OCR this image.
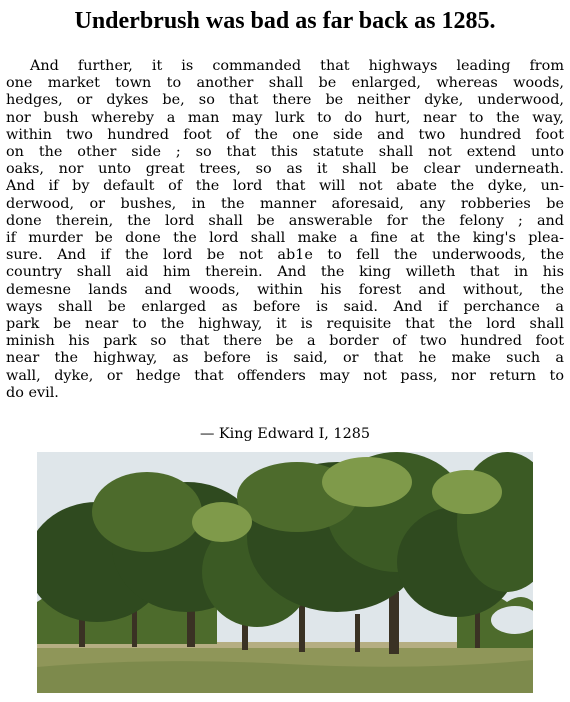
Underbrush was bad as far back as 1285.
And further, it is commanded that highways leading from
one market town to another shall be enlarged, whereas woods,
hedges, or dykes be, so that there be neither dyke, underwood,
nor bush whereby a man may lurk to do hurt, near to the way,
within two hundred foot of the one side and two hundred foot
on the other side ; so that this statute shall not extend unto
oaks, nor unto great trees, so as it shall be clear underneath.
And if by default of the lord that will not abate the dyke, un-
derwood, or bushes, in the manner aforesaid, any robberies be
done therein, the lord shall be answerable for the felony ; and
if murder be done the lord shall make a fine at the king's plea-
sure. And if the lord be not ab1e to fell the underwoods, the
country shall aid him therein. And the king willeth that in his
demesne lands and woods, within his forest and without, the
ways shall be enlarged as before is said. And if perchance a
park be near to the highway, it is requisite that the lord shall
minish his park so that there be a border of two hundred foot
near the highway, as before is said, or that he make such a
wall, dyke, or hedge that offenders may not pass, nor return to
do evil.
— King Edward I, 1285
